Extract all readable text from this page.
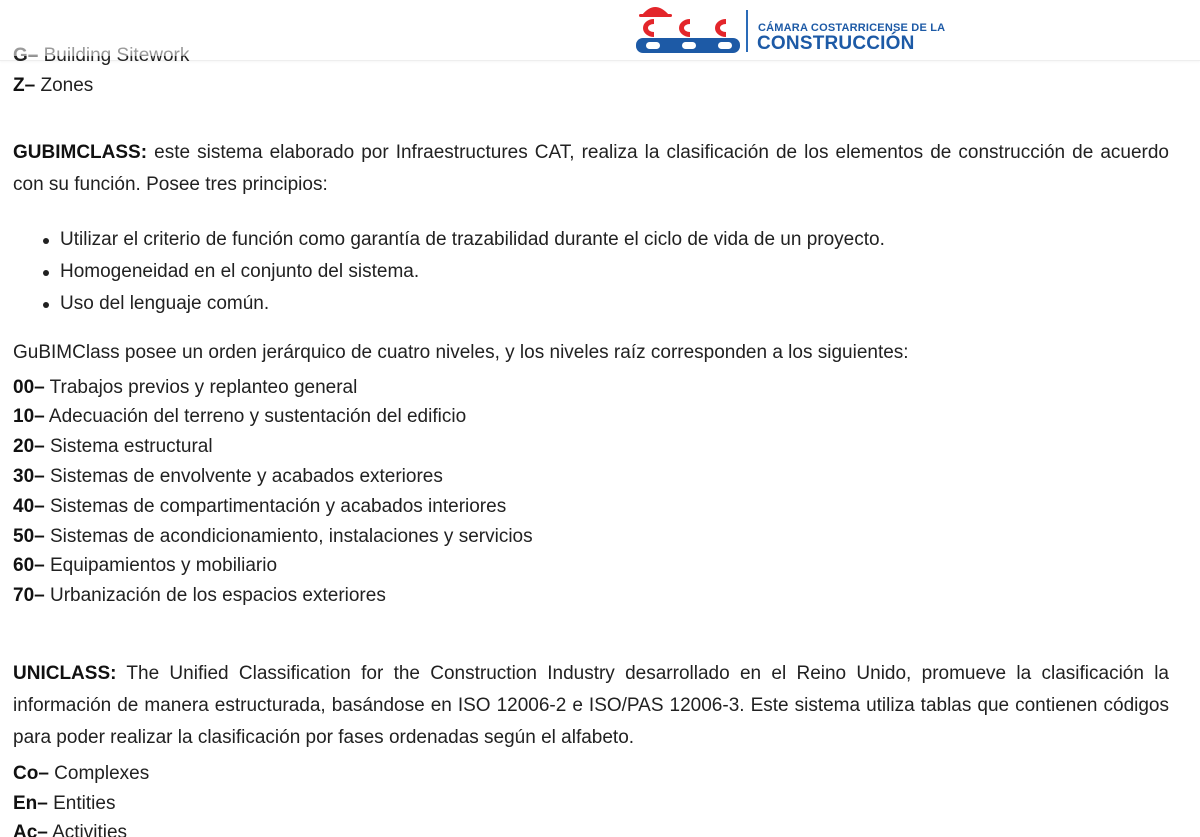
Z– Zones
GUBIMCLASS: este sistema elaborado por Infraestructures CAT, realiza la clasificación de los elementos de construcción de acuerdo con su función. Posee tres principios:
Utilizar el criterio de función como garantía de trazabilidad durante el ciclo de vida de un proyecto.
Homogeneidad en el conjunto del sistema.
Uso del lenguaje común.
GuBIMClass posee un orden jerárquico de cuatro niveles, y los niveles raíz corresponden a los siguientes:
00– Trabajos previos y replanteo general
10– Adecuación del terreno y sustentación del edificio
20– Sistema estructural
30– Sistemas de envolvente y acabados exteriores
40– Sistemas de compartimentación y acabados interiores
50– Sistemas de acondicionamiento, instalaciones y servicios
60– Equipamientos y mobiliario
70– Urbanización de los espacios exteriores
UNICLASS: The Unified Classification for the Construction Industry desarrollado en el Reino Unido, promueve la clasificación la información de manera estructurada, basándose en ISO 12006-2 e ISO/PAS 12006-3. Este sistema utiliza tablas que contienen códigos para poder realizar la clasificación por fases ordenadas según el alfabeto.
Co– Complexes
En– Entities
Ac– Activities
CÁMARA COSTARRICENSE DE LA
CONSTRUCCIÓN
